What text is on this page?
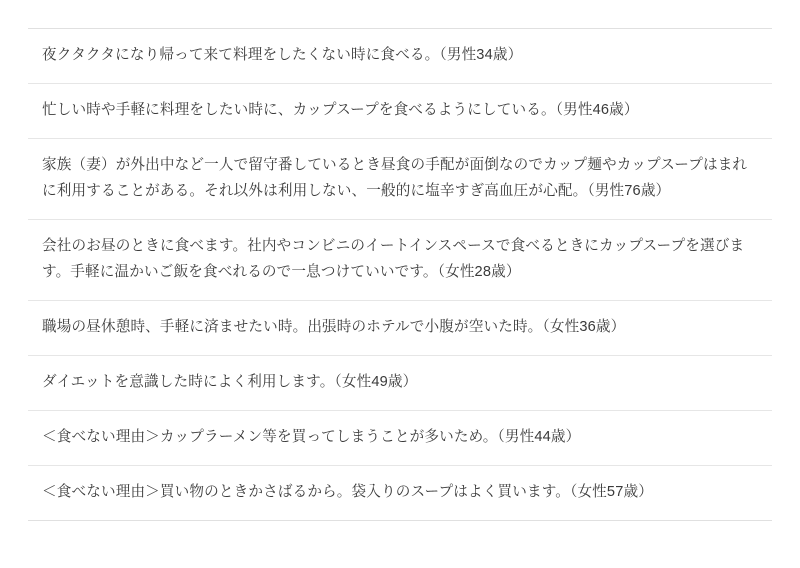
夜クタクタになり帰って来て料理をしたくない時に食べる。（男性34歳）

忙しい時や手軽に料理をしたい時に、カップスープを食べるようにしている。（男性46歳）

家族（妻）が外出中など一人で留守番しているとき昼食の手配が面倒なのでカップ麺やカップスープはまれに利用することがある。それ以外は利用しない、一般的に塩辛すぎ高血圧が心配。（男性76歳）

会社のお昼のときに食べます。社内やコンビニのイートインスペースで食べるときにカップスープを選びます。手軽に温かいご飯を食べれるので一息つけていいです。（女性28歳）

職場の昼休憩時、手軽に済ませたい時。出張時のホテルで小腹が空いた時。（女性36歳）

ダイエットを意識した時によく利用します。（女性49歳）

＜食べない理由＞カップラーメン等を買ってしまうことが多いため。（男性44歳）

＜食べない理由＞買い物のときかさばるから。袋入りのスープはよく買います。（女性57歳）
